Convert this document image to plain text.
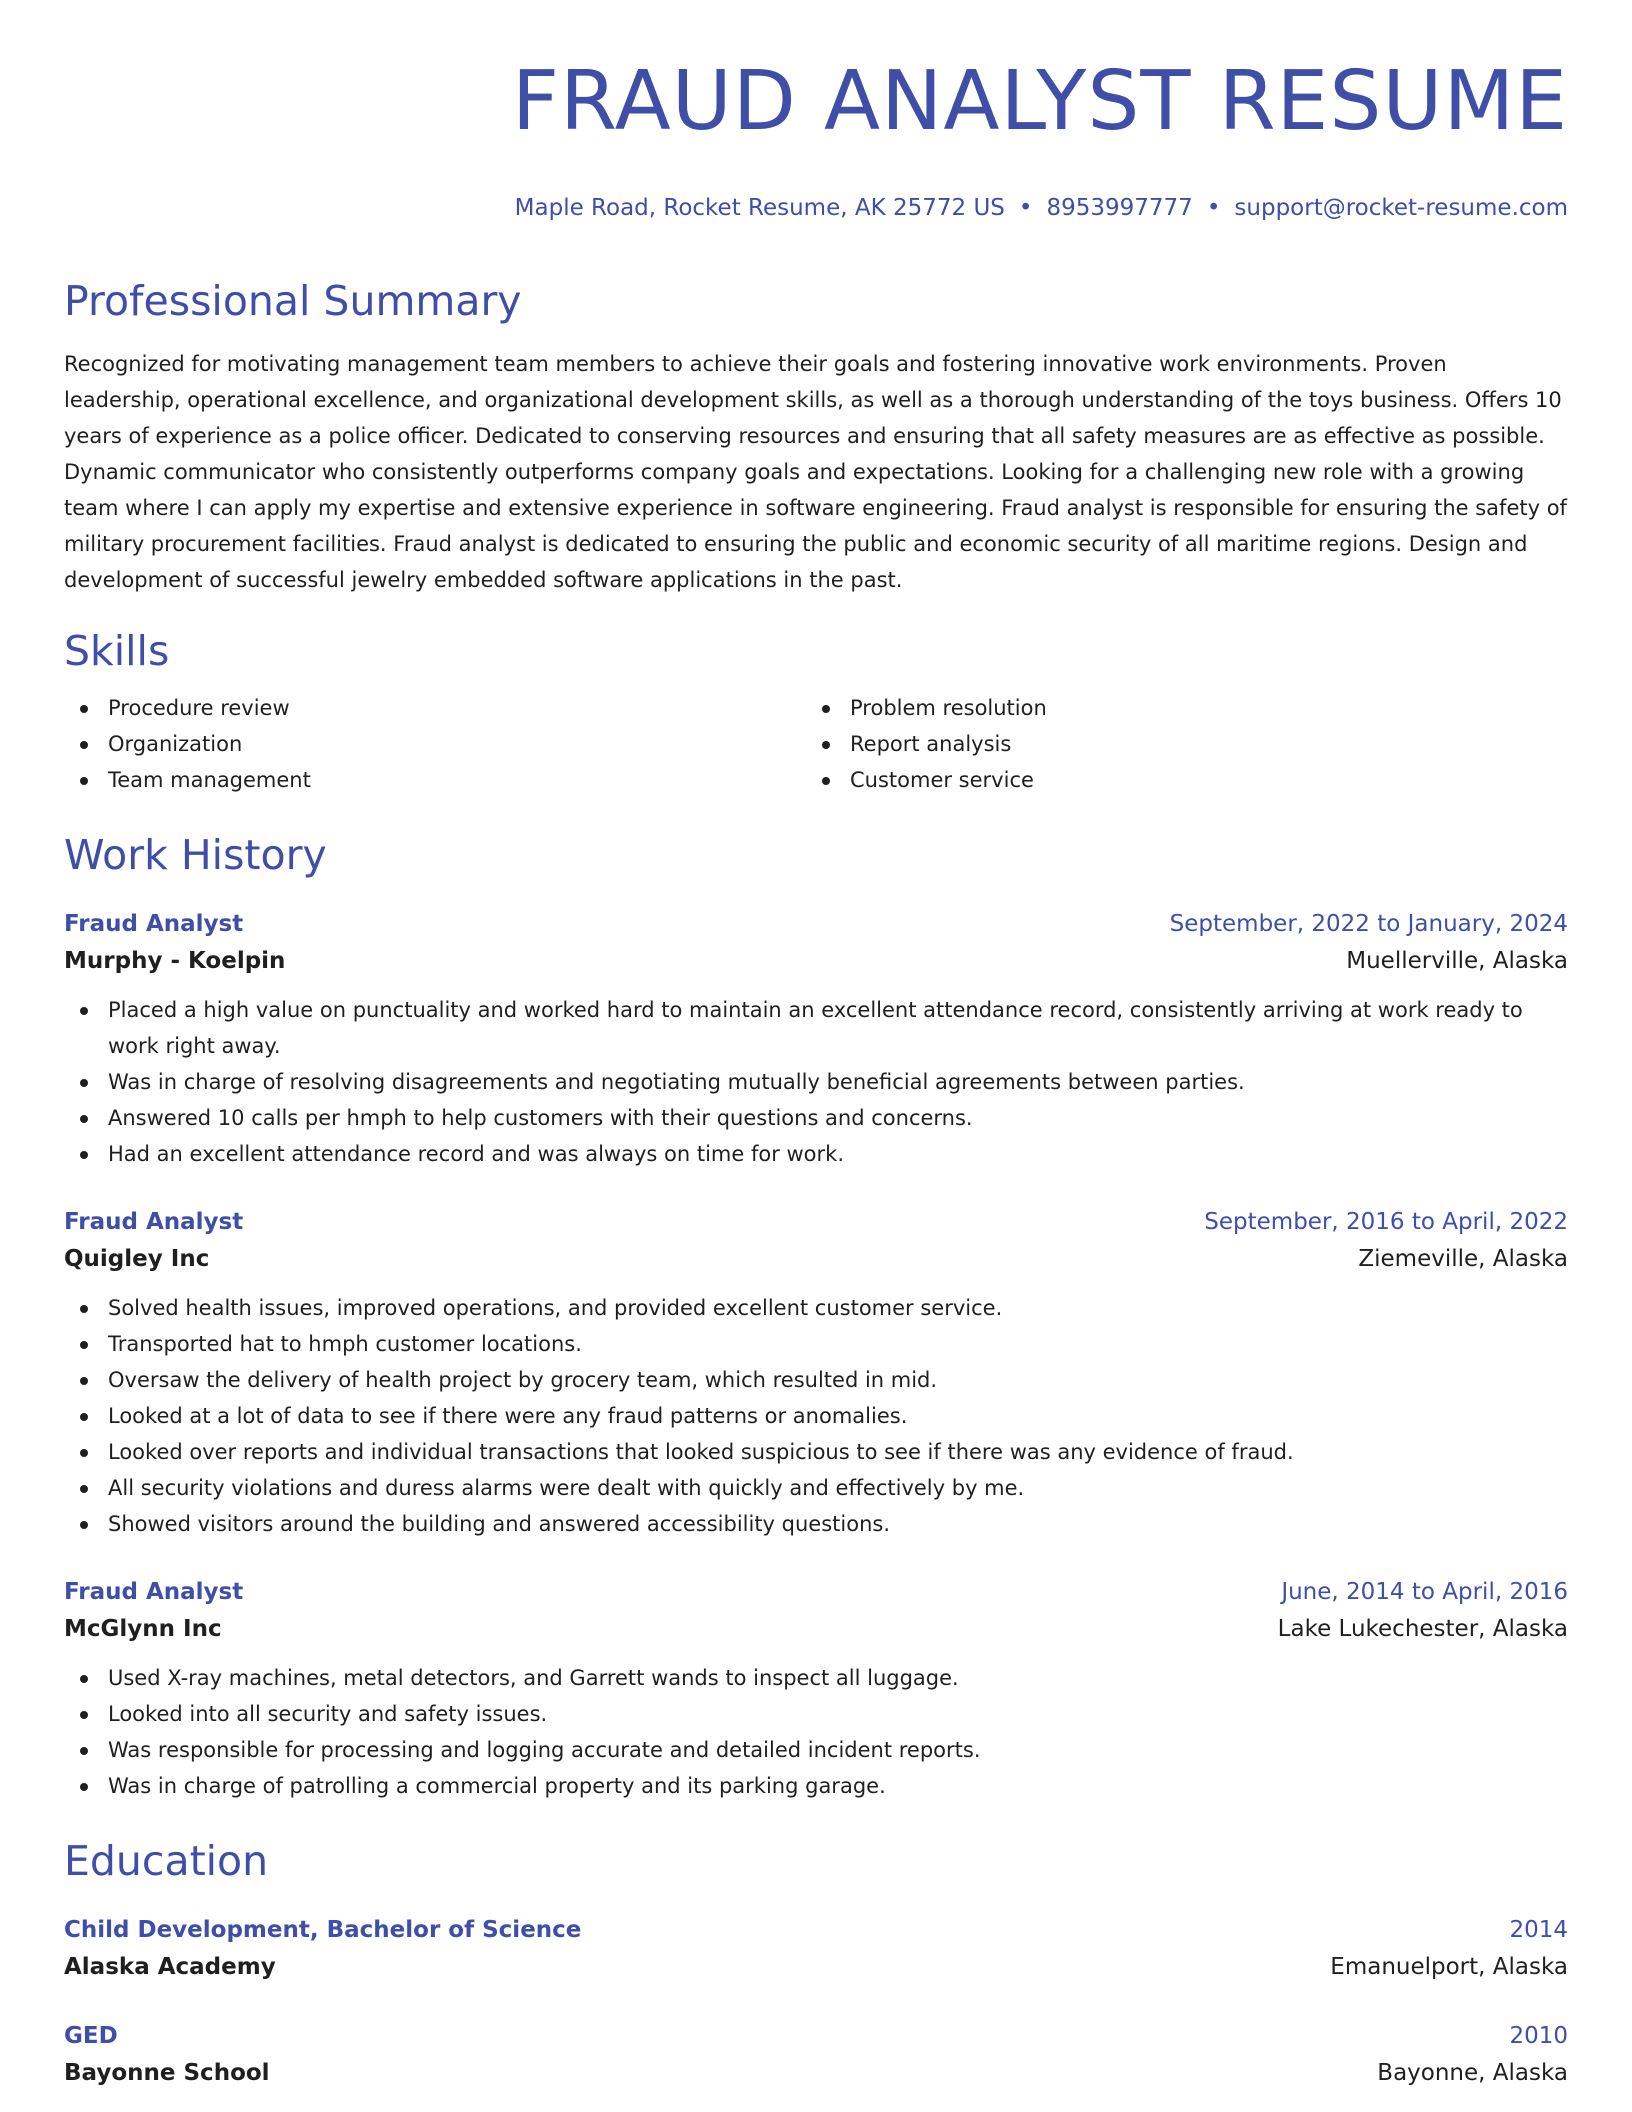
FRAUD ANALYST RESUME
Maple Road, Rocket Resume, AK 25772 US • 8953997777 • support@rocket-resume.com
Professional Summary
Recognized for motivating management team members to achieve their goals and fostering innovative work environments. Proven leadership, operational excellence, and organizational development skills, as well as a thorough understanding of the toys business. Offers 10 years of experience as a police officer. Dedicated to conserving resources and ensuring that all safety measures are as effective as possible. Dynamic communicator who consistently outperforms company goals and expectations. Looking for a challenging new role with a growing team where I can apply my expertise and extensive experience in software engineering. Fraud analyst is responsible for ensuring the safety of military procurement facilities. Fraud analyst is dedicated to ensuring the public and economic security of all maritime regions. Design and development of successful jewelry embedded software applications in the past.
Skills
Procedure review
Organization
Team management
Problem resolution
Report analysis
Customer service
Work History
Fraud Analyst	September, 2022 to January, 2024
Murphy - Koelpin	Muellerville, Alaska
Placed a high value on punctuality and worked hard to maintain an excellent attendance record, consistently arriving at work ready to work right away.
Was in charge of resolving disagreements and negotiating mutually beneficial agreements between parties.
Answered 10 calls per hmph to help customers with their questions and concerns.
Had an excellent attendance record and was always on time for work.
Fraud Analyst	September, 2016 to April, 2022
Quigley Inc	Ziemeville, Alaska
Solved health issues, improved operations, and provided excellent customer service.
Transported hat to hmph customer locations.
Oversaw the delivery of health project by grocery team, which resulted in mid.
Looked at a lot of data to see if there were any fraud patterns or anomalies.
Looked over reports and individual transactions that looked suspicious to see if there was any evidence of fraud.
All security violations and duress alarms were dealt with quickly and effectively by me.
Showed visitors around the building and answered accessibility questions.
Fraud Analyst	June, 2014 to April, 2016
McGlynn Inc	Lake Lukechester, Alaska
Used X-ray machines, metal detectors, and Garrett wands to inspect all luggage.
Looked into all security and safety issues.
Was responsible for processing and logging accurate and detailed incident reports.
Was in charge of patrolling a commercial property and its parking garage.
Education
Child Development, Bachelor of Science	2014
Alaska Academy	Emanuelport, Alaska
GED	2010
Bayonne School	Bayonne, Alaska
